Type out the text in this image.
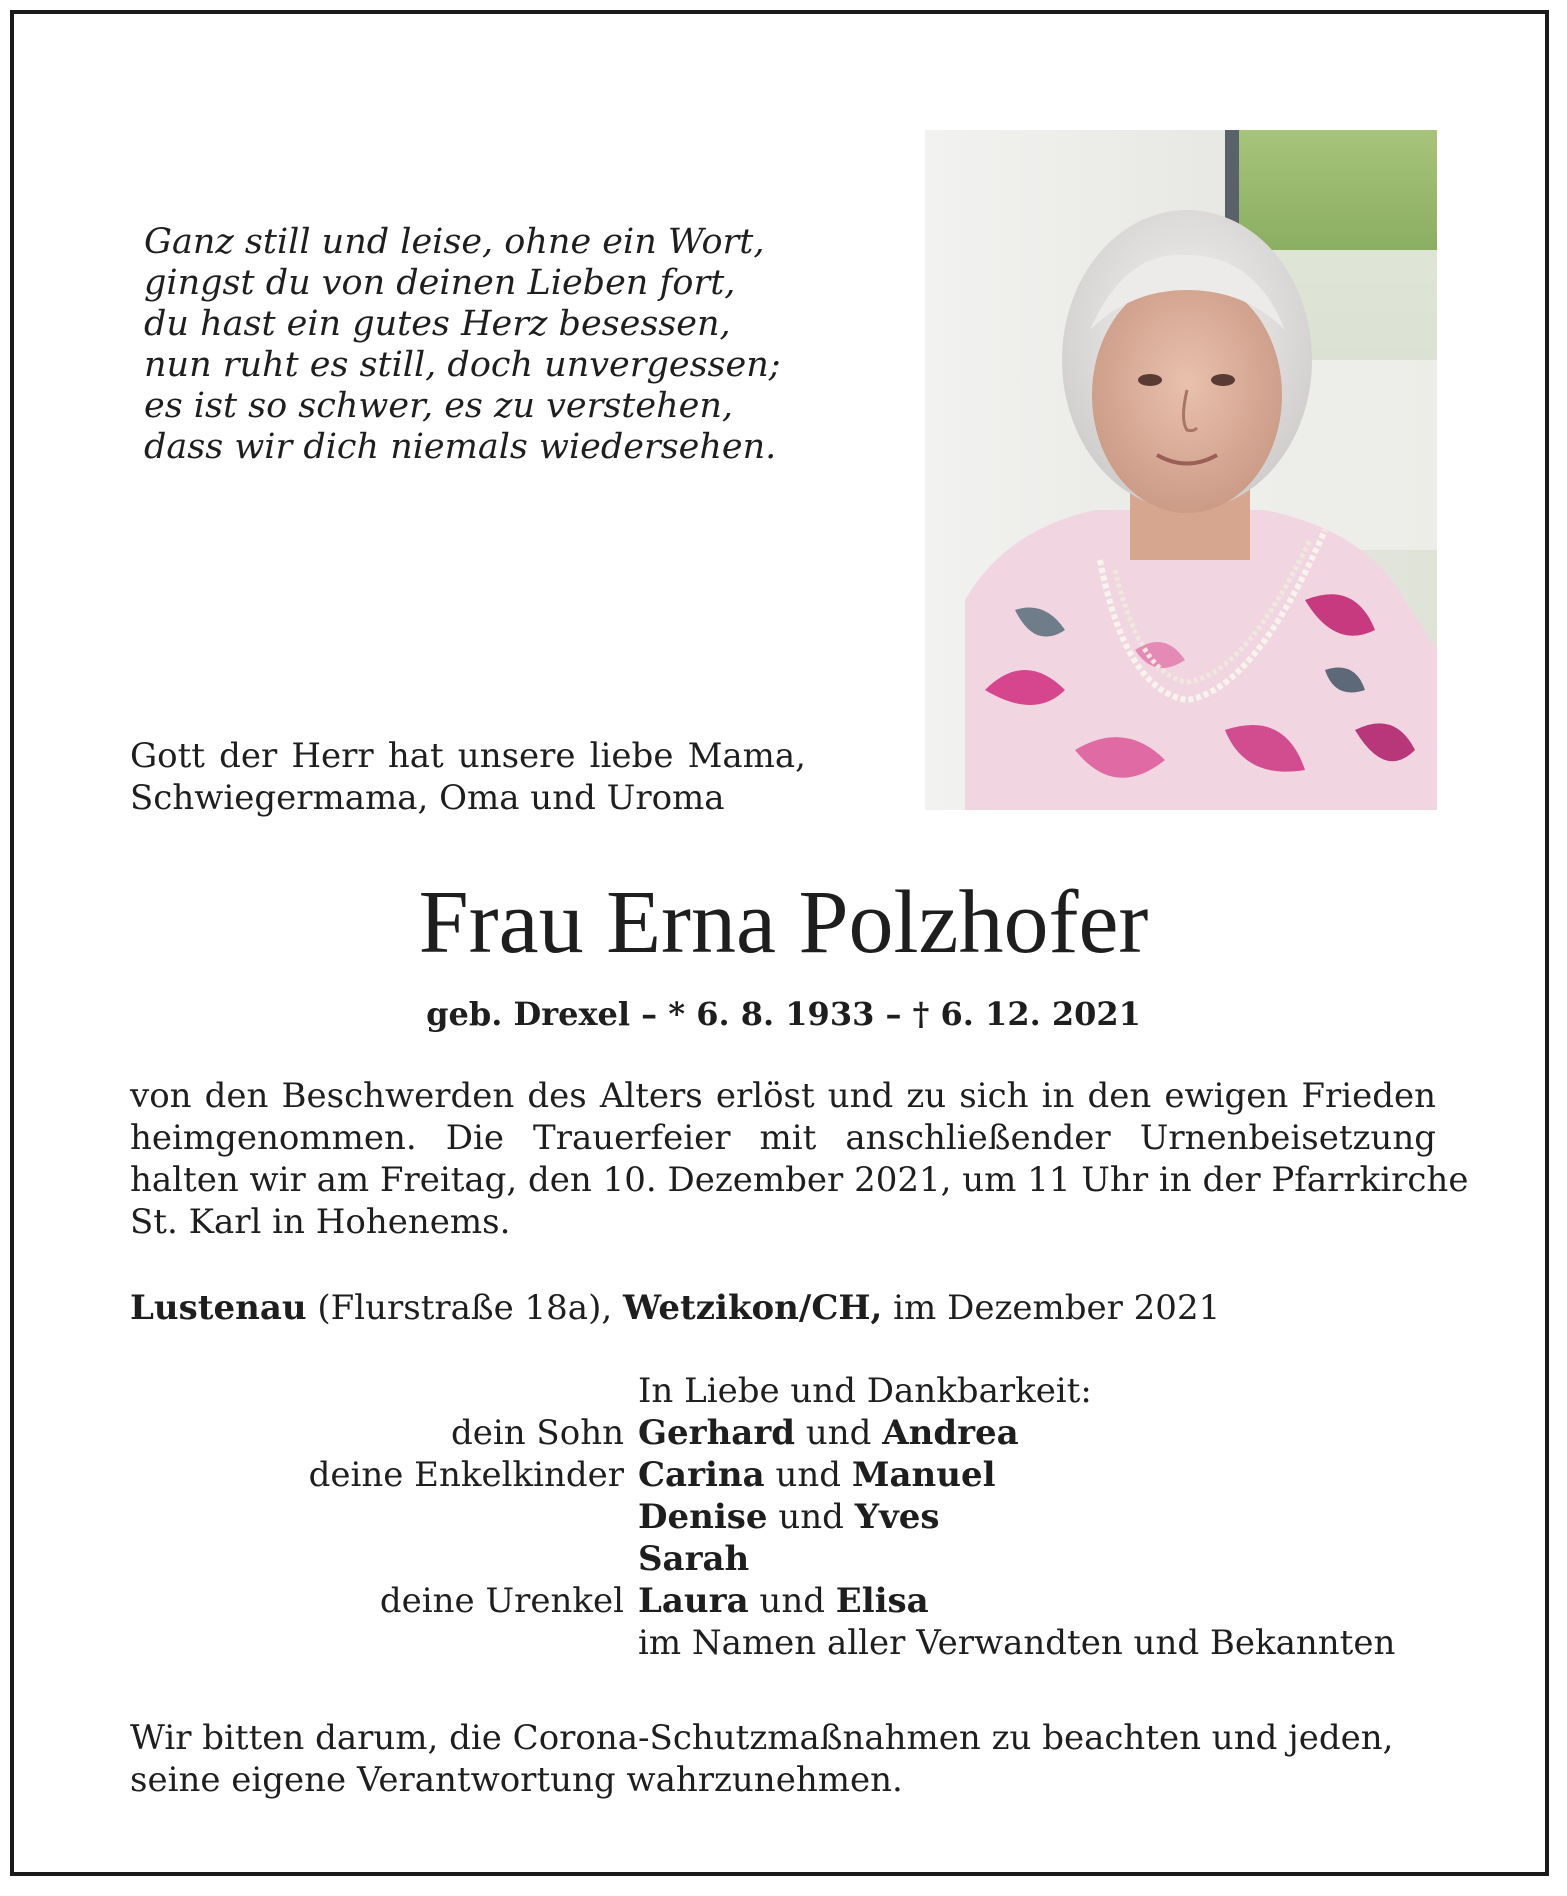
Ganz still und leise, ohne ein Wort,
gingst du von deinen Lieben fort,
du hast ein gutes Herz besessen,
nun ruht es still, doch unvergessen;
es ist so schwer, es zu verstehen,
dass wir dich niemals wiedersehen.
Gott der Herr hat unsere liebe Mama,
Schwiegermama, Oma und Uroma
Frau Erna Polzhofer
geb. Drexel – * 6. 8. 1933 – † 6. 12. 2021
von den Beschwerden des Alters erlöst und zu sich in den ewigen Frieden
heimgenommen. Die Trauerfeier mit anschließender Urnenbeisetzung
halten wir am Freitag, den 10. Dezember 2021, um 11 Uhr in der Pfarrkirche
St. Karl in Hohenems.
Lustenau (Flurstraße 18a), Wetzikon/CH, im Dezember 2021
In Liebe und Dankbarkeit:
dein Sohn Gerhard und Andrea
deine Enkelkinder Carina und Manuel
Denise und Yves
Sarah
deine Urenkel Laura und Elisa
im Namen aller Verwandten und Bekannten
Wir bitten darum, die Corona-Schutzmaßnahmen zu beachten und jeden,
seine eigene Verantwortung wahrzunehmen.
